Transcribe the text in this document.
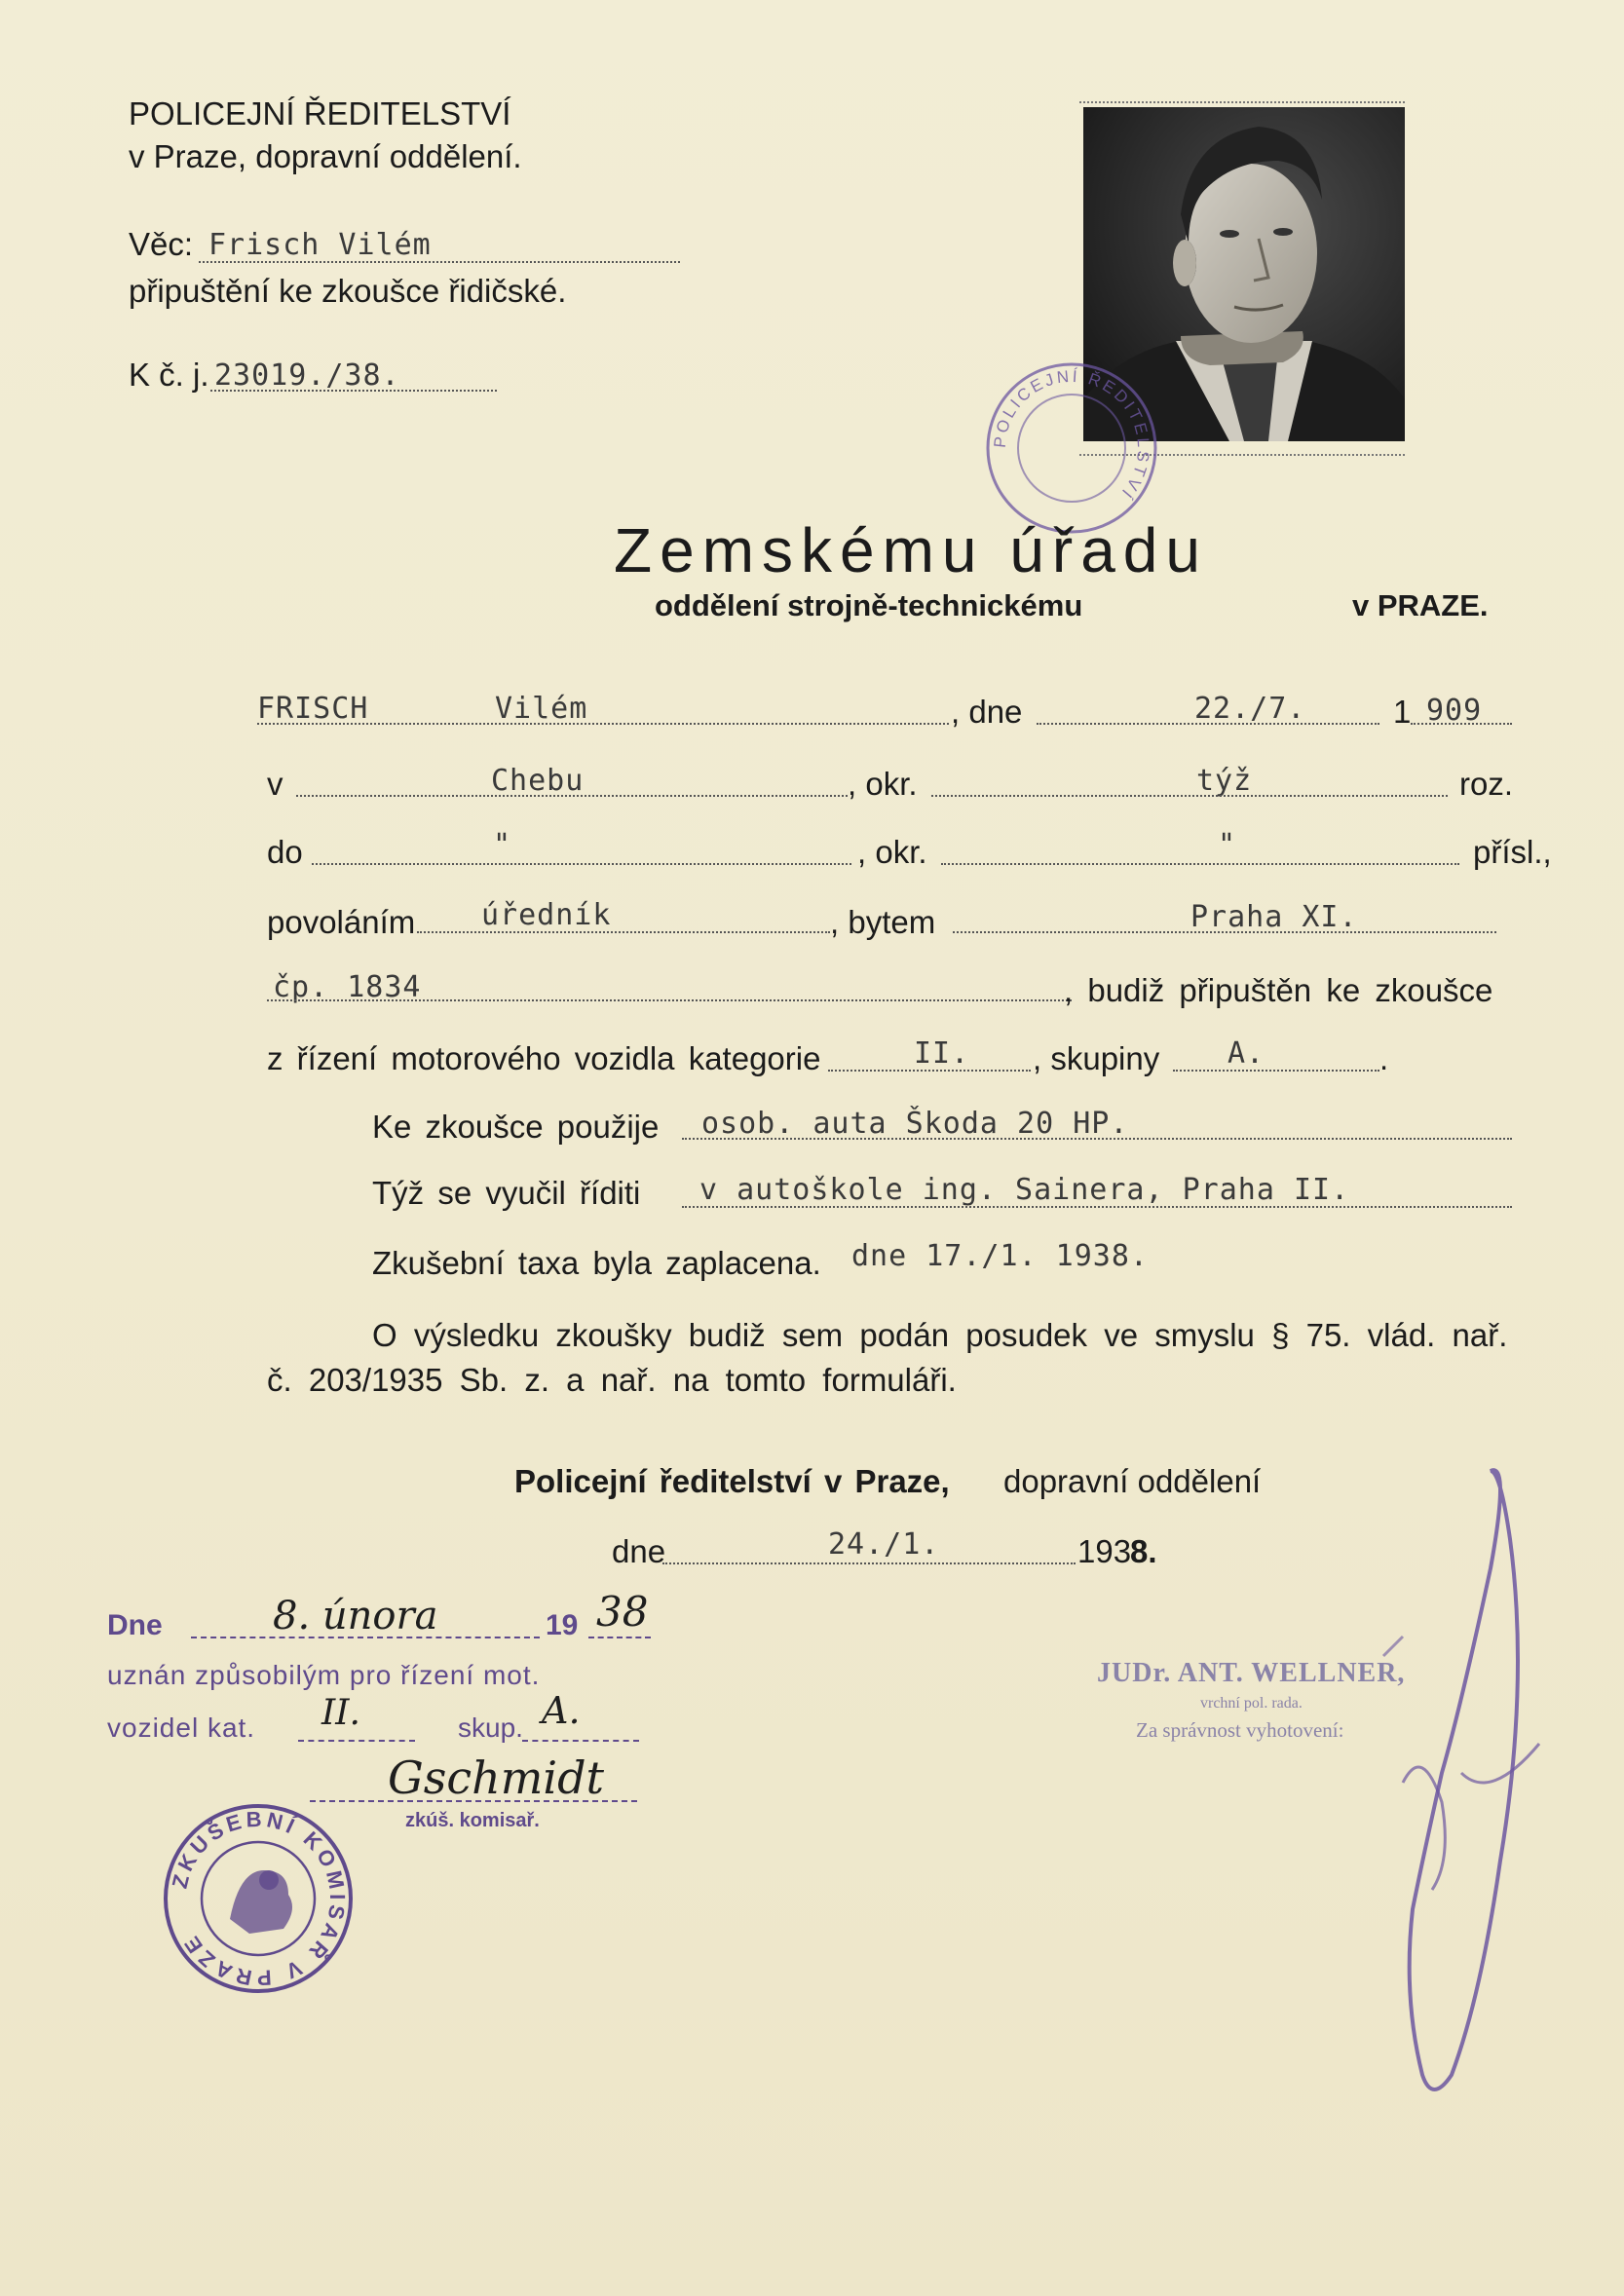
POLICEJNÍ ŘEDITELSTVÍ
v Praze, dopravní oddělení.
Věc: Frisch Vilém
připuštění ke zkoušce řidičské.
K č. j. 23019./38.
POLICEJNÍ ŘEDITELSTVÍ
Zemskému úřadu
oddělení strojně-technickému	v PRAZE.
FRISCH	Vilém	, dne	22./7.	1 909
v	Chebu	, okr.	týž	roz.
do	"	, okr.	"	přísl.,
povoláním úředník	, bytem	Praha XI.
čp. 1834	, budiž připuštěn ke zkoušce
z řízení motorového vozidla kategorie	II. , skupiny A.	.
Ke zkoušce použije osob. auta Škoda 20 HP.
Týž se vyučil říditi v autoškole ing. Sainera, Praha II.
Zkušební taxa byla zaplacena. dne 17./1. 1938.
O výsledku zkoušky budiž sem podán posudek ve smyslu § 75. vlád. nař.
č. 203/1935 Sb. z. a nař. na tomto formuláři.
Policejní ředitelství v Praze, dopravní oddělení
dne	24./1.	193
8.
Dne	8. února	19 38
uznán způsobilým pro řízení mot.
vozidel kat. II.	skup. A.
Gschmidt
zkúš. komisař.
ZKUŠEBNÍ KOMISAŘ V PRAZE
JUDr. ANT. WELLNER,
vrchní pol. rada.
Za správnost vyhotovení:
